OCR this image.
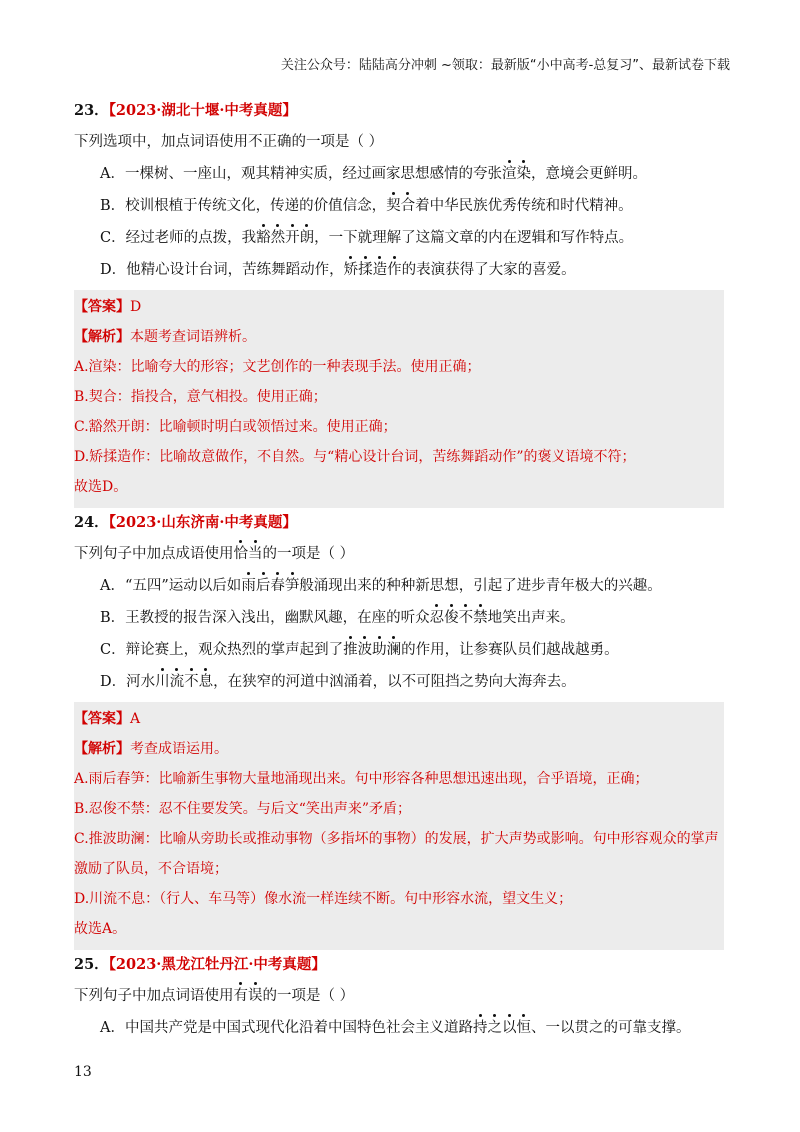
关注公众号：陆陆高分冲刺 ~领取：最新版“小中高考-总复习”、最新试卷下载
23．【2023·湖北十堰·中考真题】
下列选项中，加点词语使用不正确的一项是（ ）
A．一棵树、一座山，观其精神实质，经过画家思想感情的夸张渲染，意境会更鲜明。
B．校训根植于传统文化，传递的价值信念，契合着中华民族优秀传统和时代精神。
C．经过老师的点拨，我豁然开朗，一下就理解了这篇文章的内在逻辑和写作特点。
D．他精心设计台词，苦练舞蹈动作，矫揉造作的表演获得了大家的喜爱。
【答案】D
【解析】本题考查词语辨析。
A.渲染：比喻夸大的形容；文艺创作的一种表现手法。使用正确；
B.契合：指投合，意气相投。使用正确；
C.豁然开朗：比喻顿时明白或领悟过来。使用正确；
D.矫揉造作：比喻故意做作，不自然。与“精心设计台词，苦练舞蹈动作”的褒义语境不符；
故选D。
24．【2023·山东济南·中考真题】
下列句子中加点成语使用恰当的一项是（ ）
A．“五四”运动以后如雨后春笋般涌现出来的种种新思想，引起了进步青年极大的兴趣。
B．王教授的报告深入浅出，幽默风趣，在座的听众忍俊不禁地笑出声来。
C．辩论赛上，观众热烈的掌声起到了推波助澜的作用，让参赛队员们越战越勇。
D．河水川流不息，在狭窄的河道中汹涌着，以不可阻挡之势向大海奔去。
【答案】A
【解析】考查成语运用。
A.雨后春笋：比喻新生事物大量地涌现出来。句中形容各种思想迅速出现，合乎语境，正确；
B.忍俊不禁：忍不住要发笑。与后文“笑出声来”矛盾；
C.推波助澜：比喻从旁助长或推动事物（多指坏的事物）的发展，扩大声势或影响。句中形容观众的掌声激励了队员，不合语境；
D.川流不息：（行人、车马等）像水流一样连续不断。句中形容水流，望文生义；
故选A。
25．【2023·黑龙江牡丹江·中考真题】
下列句子中加点词语使用有误的一项是（ ）
A．中国共产党是中国式现代化沿着中国特色社会主义道路持之以恒、一以贯之的可靠支撑。
13
